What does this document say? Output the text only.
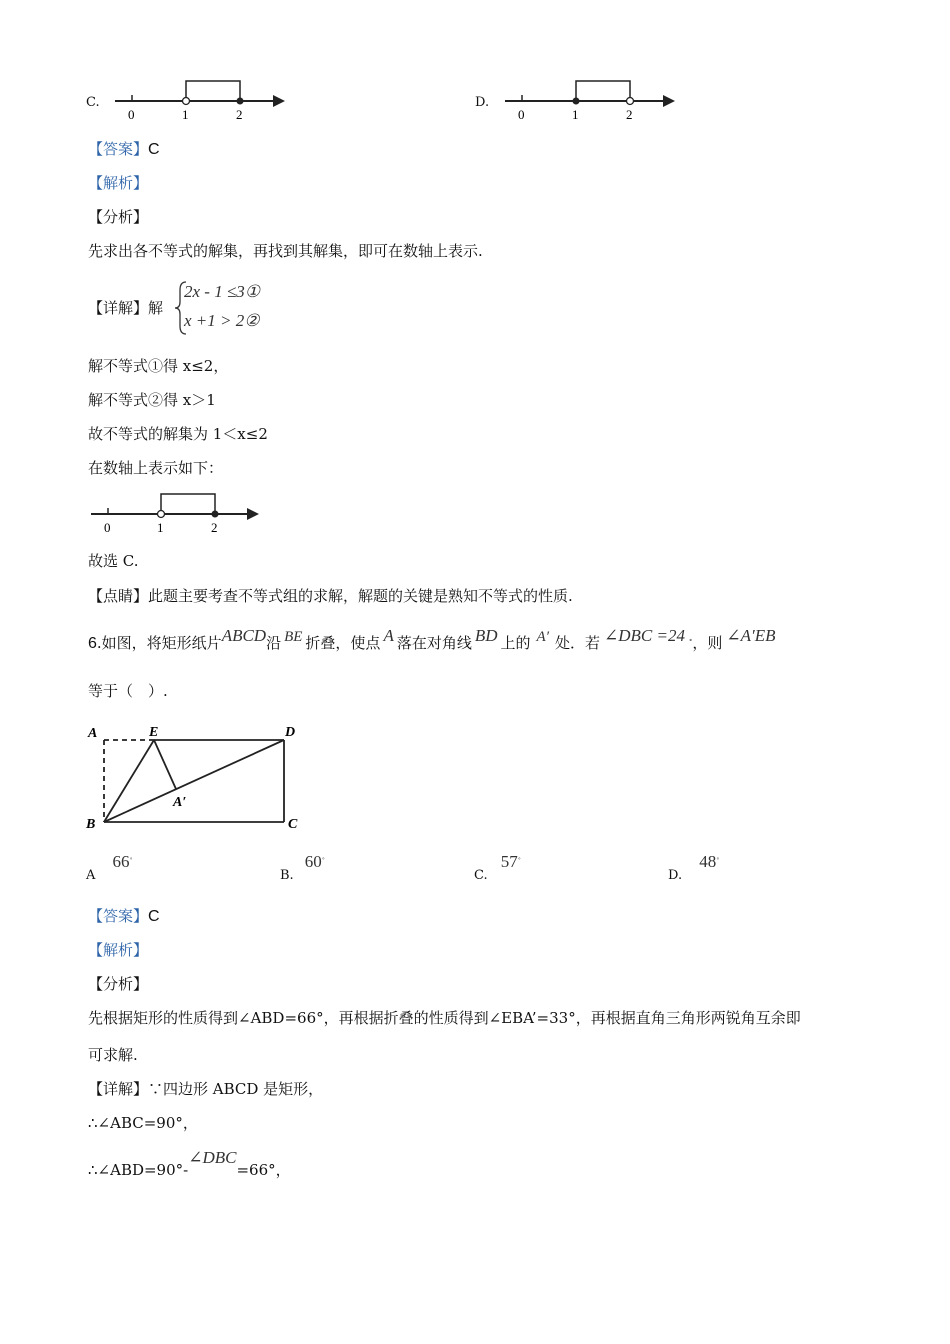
C.
0	1	2
D.
0	1	2
【答案】C
【解析】
【分析】
先求出各不等式的解集，再找到其解集，即可在数轴上表示.
【详解】解
2x - 1 ≤3①
x +1 > 2②
解不等式①得 x≤2，
解不等式②得 x＞1
故不等式的解集为 1＜x≤2
在数轴上表示如下：
0	1	2
故选 C.
【点睛】此题主要考查不等式组的求解，解题的关键是熟知不等式的性质.
6.如图，将矩形纸片ABCD沿 BE 折叠，使点 A 落在对角线 BD 上的 A′ 处．若 ∠DBC =24 ∘，则 ∠A′EB
等于（　）.
A	E	D
A′
B	C
$_A$ 66∘
$_{B.}$ 60∘
$_{C.}$ 57∘
$_{D.}$ 48∘
【答案】C
【解析】
【分析】
先根据矩形的性质得到∠ABD=66°，再根据折叠的性质得到∠EBA’=33°，再根据直角三角形两锐角互余即
可求解.
【详解】∵四边形 ABCD 是矩形，
∴∠ABC=90°，
∴∠ABD=90°-∠DBC=66°，
